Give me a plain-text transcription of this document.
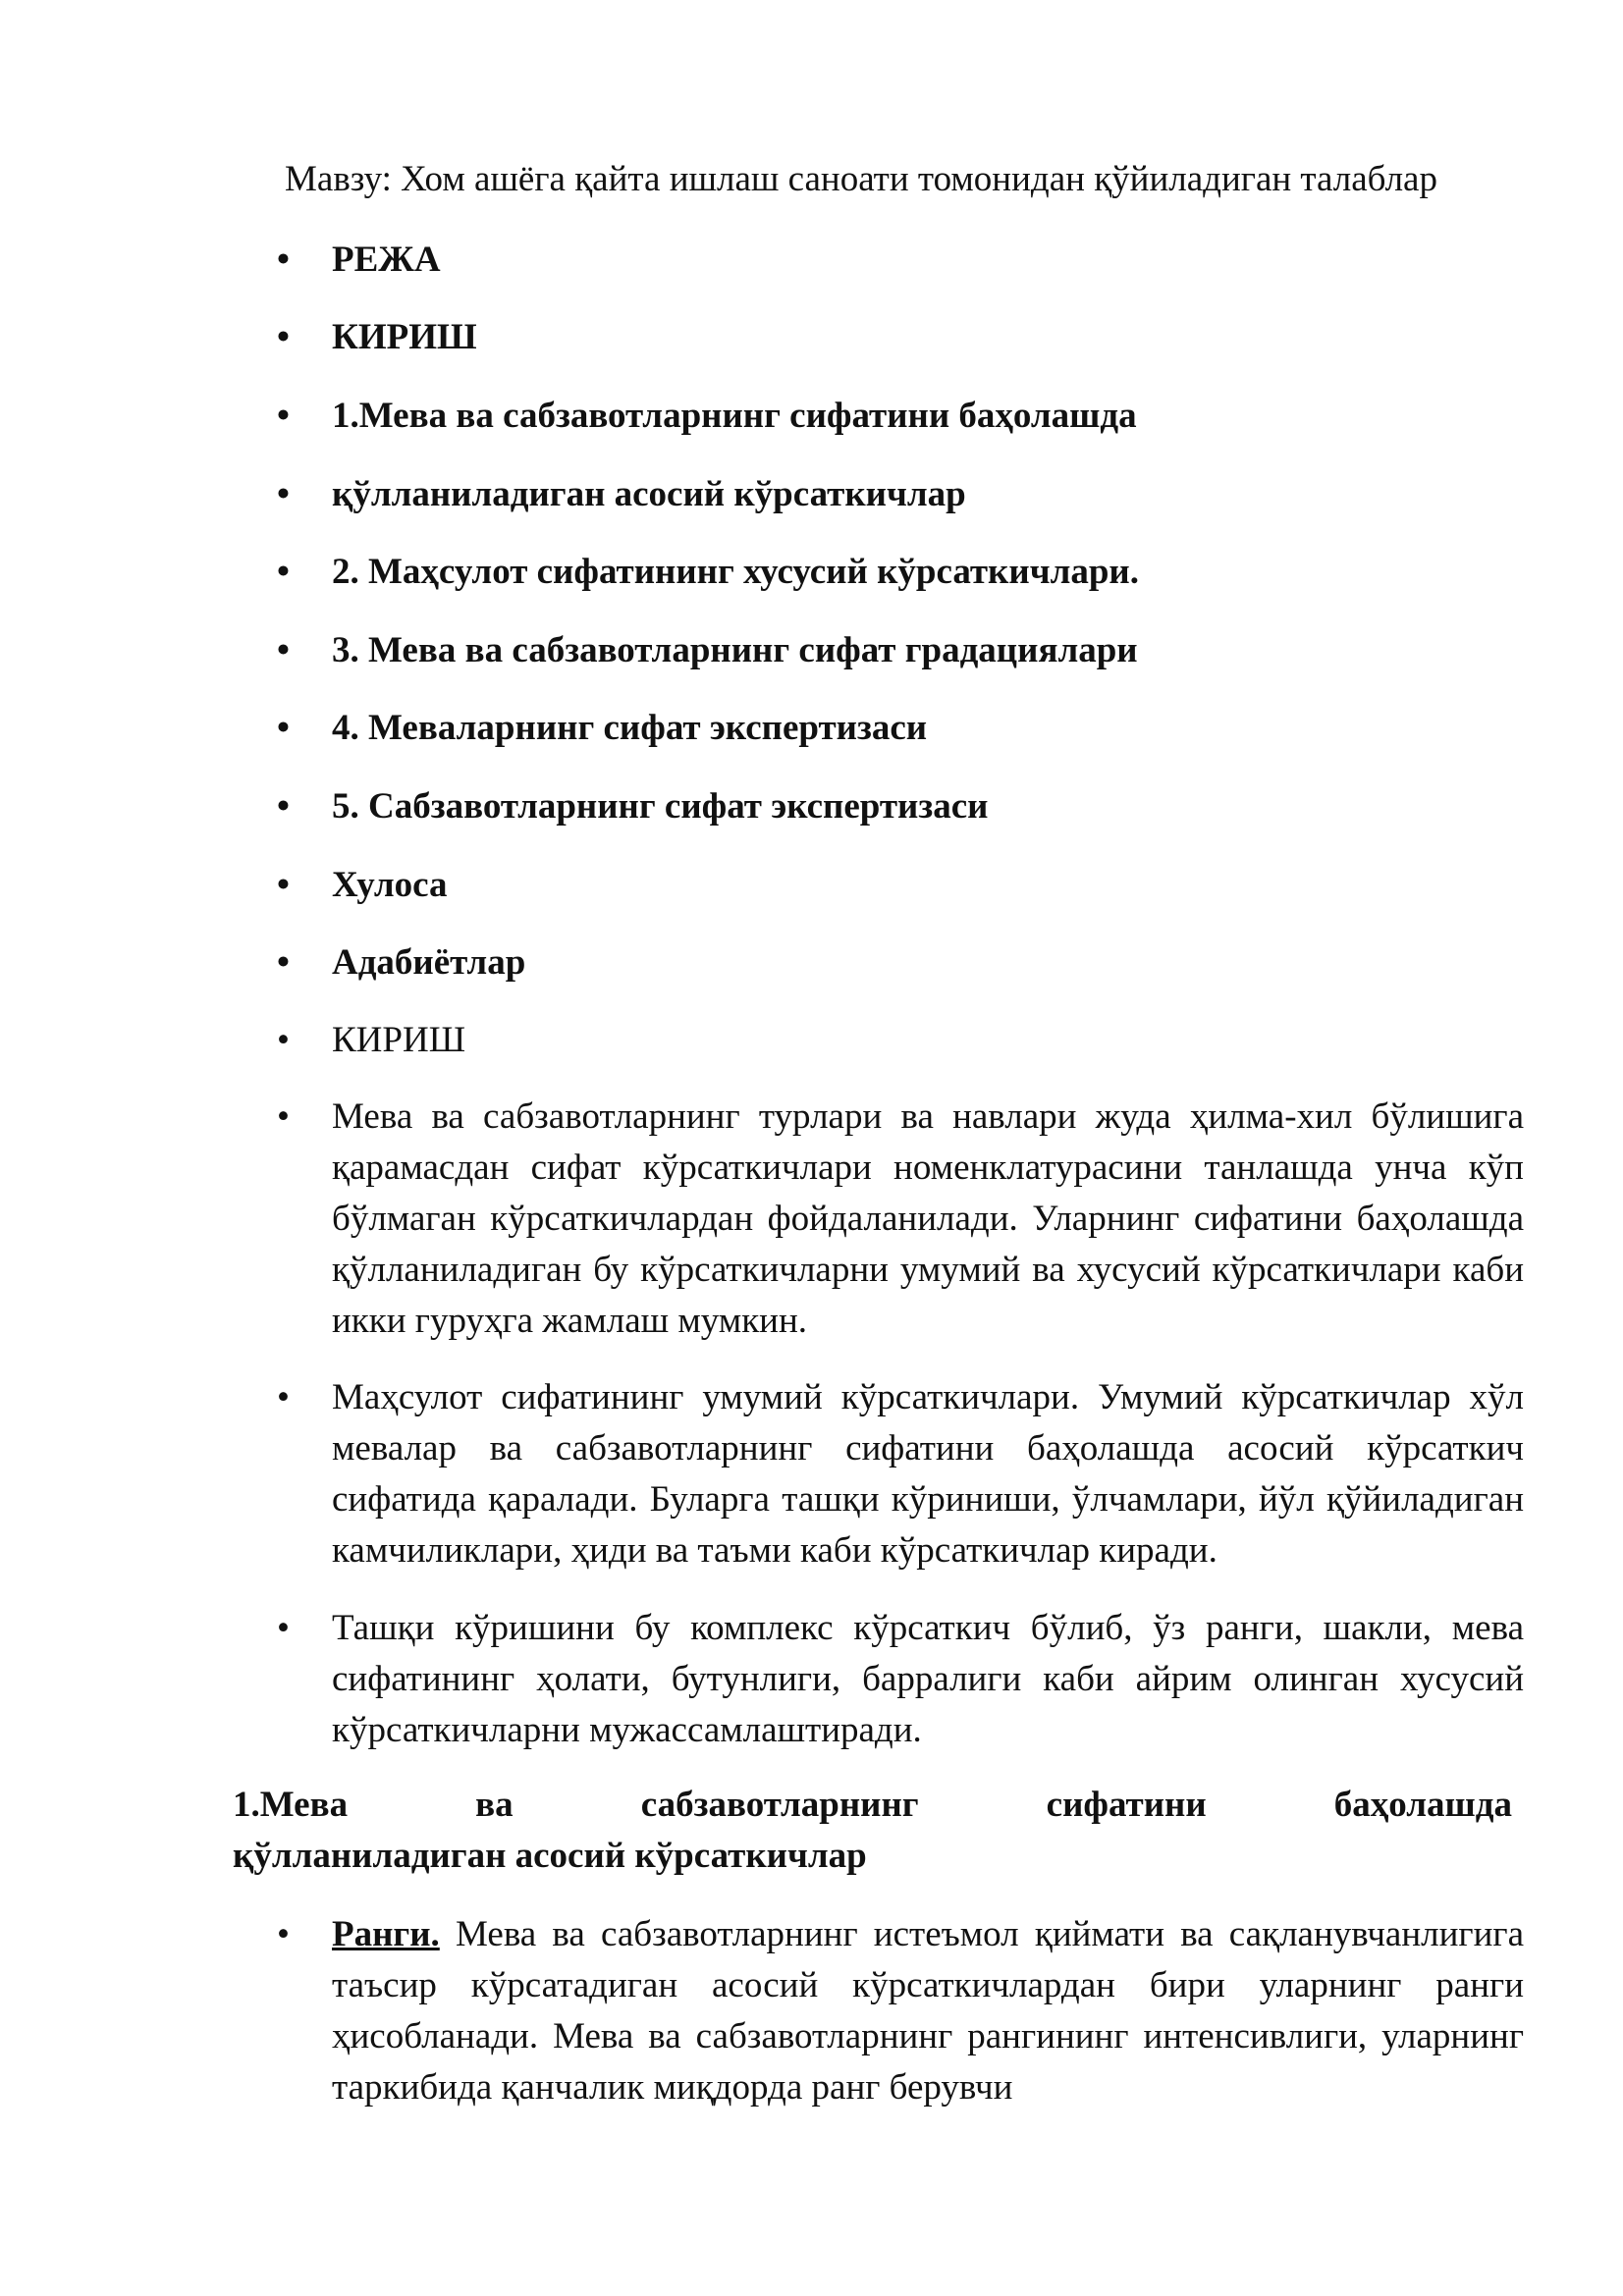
Мавзу: Хом ашёга қайта ишлаш саноати томонидан қўйиладиган талаблар
•	РЕЖА
•	КИРИШ
•	1.Мева ва сабзавотларнинг сифатини баҳолашда
•	қўлланиладиган асосий кўрсаткичлар
•	2. Маҳсулот сифатининг хусусий кўрсаткичлари.
•	3. Мева ва сабзавотларнинг сифат градациялари
•	4. Меваларнинг сифат экспертизаси
•	5. Сабзавотларнинг сифат экспертизаси
•	Хулоса
•	Адабиётлар
•	КИРИШ
•	Мева ва сабзавотларнинг турлари ва навлари жуда ҳилма-хил бўлишига қарамасдан сифат кўрсаткичлари номенклатурасини танлашда унча кўп бўлмаган кўрсаткичлардан фойдаланилади. Уларнинг сифатини баҳолашда қўлланиладиган бу кўрсаткичларни умумий ва хусусий кўрсаткичлари каби икки гуруҳга жамлаш мумкин.
•	Маҳсулот сифатининг умумий кўрсаткичлари. Умумий кўрсаткичлар хўл мевалар ва сабзавотларнинг сифатини баҳолашда асосий кўрсаткич сифатида қаралади. Буларга ташқи кўриниши, ўлчамлари, йўл қўйиладиган камчиликлари, ҳиди ва таъми каби кўрсаткичлар киради.
•	Ташқи кўришини бу комплекс кўрсаткич бўлиб, ўз ранги, шакли, мева сифатининг ҳолати, бутунлиги, барралиги каби айрим олинган хусусий кўрсаткичларни мужассамлаштиради.
1.Мева ва сабзавотларнинг сифатини баҳолашда
қўлланиладиган асосий кўрсаткичлар
•	Ранги. Мева ва сабзавотларнинг истеъмол қиймати ва сақланувчанлигига таъсир кўрсатадиган асосий кўрсаткичлардан бири уларнинг ранги ҳисобланади. Мева ва сабзавотларнинг рангининг интенсивлиги, уларнинг таркибида қанчалик миқдорда ранг берувчи
